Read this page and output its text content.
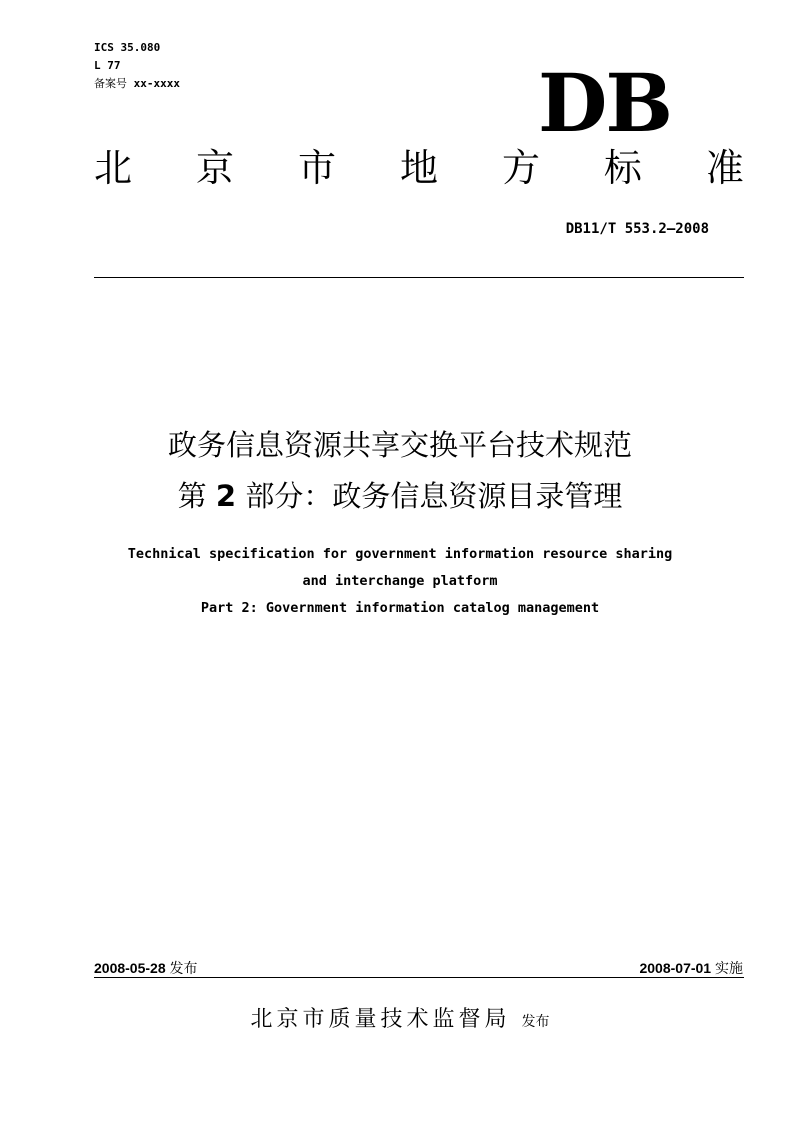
ICS 35.080
L 77
备案号 xx-xxxx	DB
北 京 市 地 方 标 准
DB11/T 553.2—2008
政务信息资源共享交换平台技术规范
第 2 部分：政务信息资源目录管理
Technical specification for government information resource sharing
and interchange platform
Part 2: Government information catalog management
2008-05-28 发布	2008-07-01 实施
北京市质量技术监督局 发布
